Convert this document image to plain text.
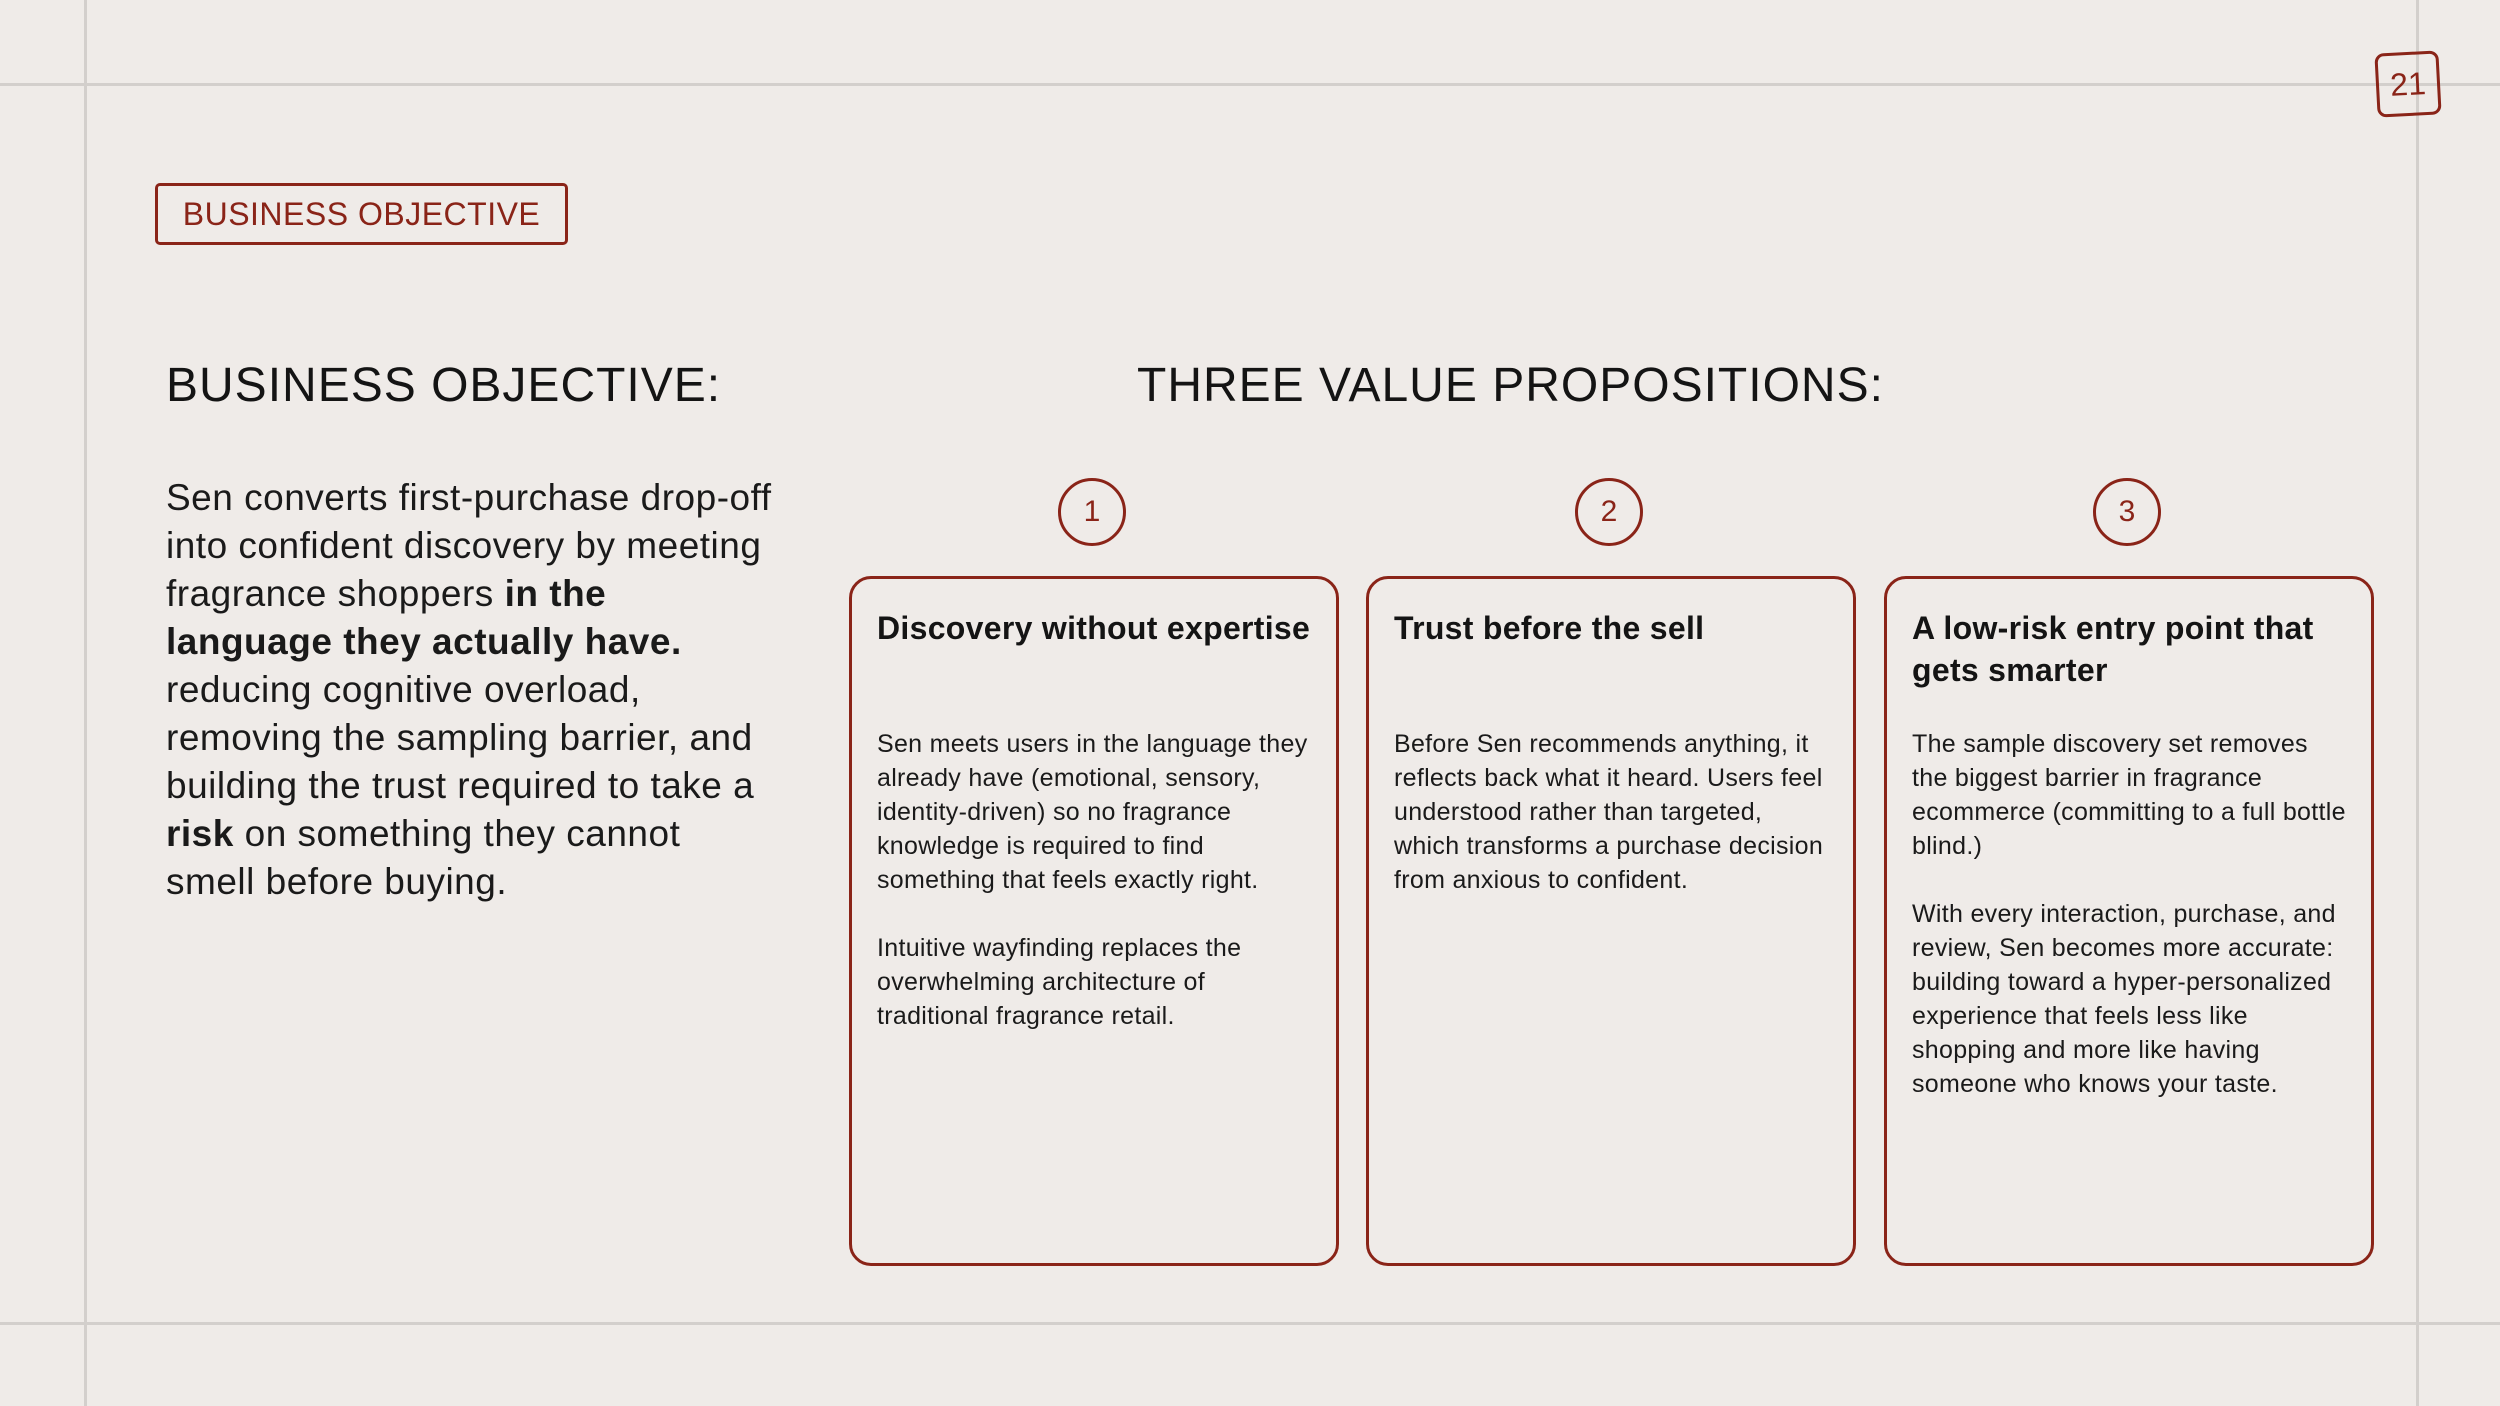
21
BUSINESS OBJECTIVE
BUSINESS OBJECTIVE:	THREE VALUE PROPOSITIONS:
Sen converts first-purchase drop-off into confident discovery by meeting fragrance shoppers in the language they actually have. reducing cognitive overload, removing the sampling barrier, and building the trust required to take a risk on something they cannot smell before buying.
1
Discovery without expertise
Sen meets users in the language they already have (emotional, sensory, identity-driven) so no fragrance knowledge is required to find something that feels exactly right.

Intuitive wayfinding replaces the overwhelming architecture of traditional fragrance retail.
2
Trust before the sell
Before Sen recommends anything, it reflects back what it heard. Users feel understood rather than targeted, which transforms a purchase decision from anxious to confident.
3
A low-risk entry point that gets smarter
The sample discovery set removes the biggest barrier in fragrance ecommerce (committing to a full bottle blind.)

With every interaction, purchase, and review, Sen becomes more accurate: building toward a hyper-personalized experience that feels less like shopping and more like having someone who knows your taste.
